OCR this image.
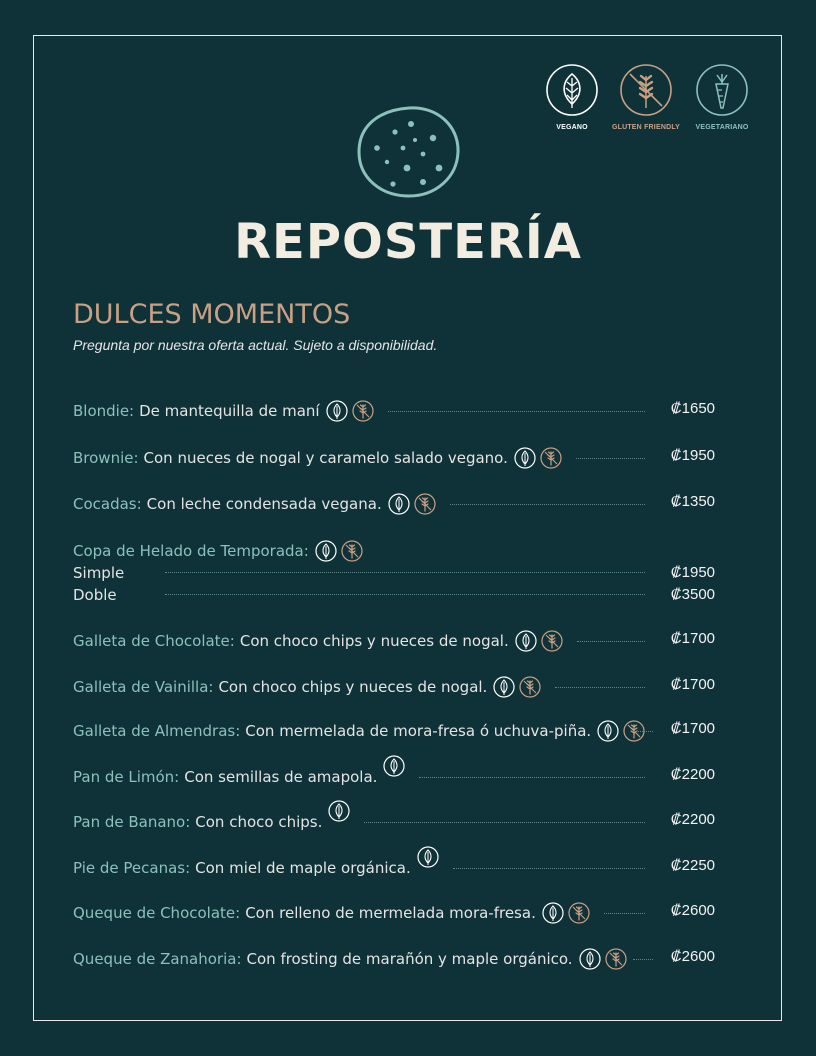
VEGANO	GLUTEN FRIENDLY	VEGETARIANO
REPOSTERÍA
DULCES MOMENTOS
Pregunta por nuestra oferta actual. Sujeto a disponibilidad.
Blondie: De mantequilla de maní	₡1650
Brownie: Con nueces de nogal y caramelo salado vegano.	₡1950
Cocadas: Con leche condensada vegana.	₡1350
Copa de Helado de Temporada:
Simple	₡1950
Doble	₡3500
Galleta de Chocolate: Con choco chips y nueces de nogal.	₡1700
Galleta de Vainilla: Con choco chips y nueces de nogal.	₡1700
Galleta de Almendras: Con mermelada de mora-fresa ó uchuva-piña.	₡1700
Pan de Limón: Con semillas de amapola.	₡2200
Pan de Banano: Con choco chips.	₡2200
Pie de Pecanas: Con miel de maple orgánica.	₡2250
Queque de Chocolate: Con relleno de mermelada mora-fresa.	₡2600
Queque de Zanahoria: Con frosting de marañón y maple orgánico.	₡2600
